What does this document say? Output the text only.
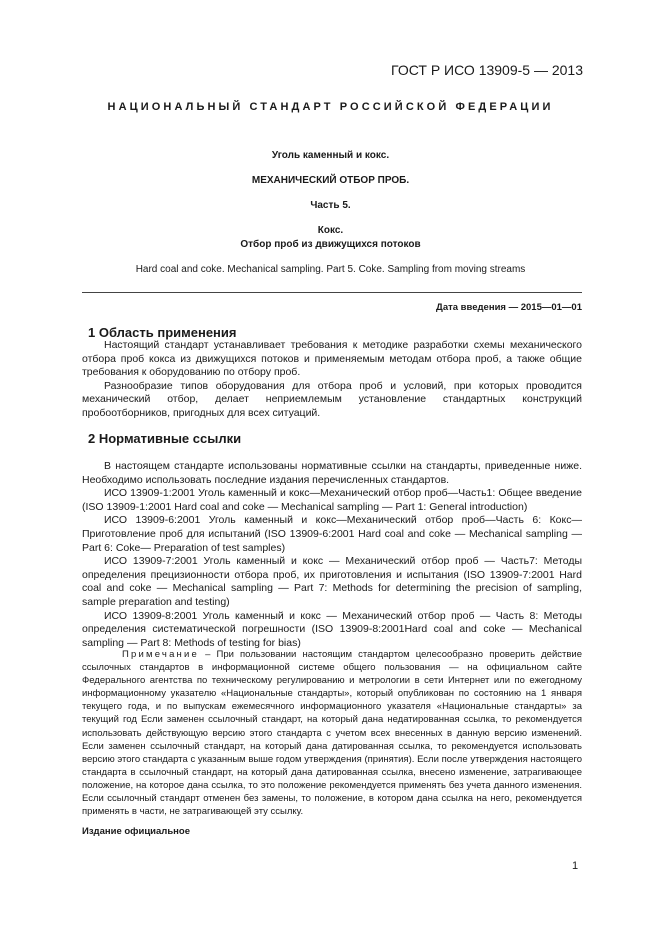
ГОСТ Р ИСО 13909-5 — 2013
НАЦИОНАЛЬНЫЙ СТАНДАРТ РОССИЙСКОЙ ФЕДЕРАЦИИ
Уголь каменный и кокс.
МЕХАНИЧЕСКИЙ ОТБОР ПРОБ.
Часть 5.
Кокс.
Отбор проб из движущихся потоков
Hard coal and coke. Mechanical sampling. Part 5. Coke. Sampling from moving streams
Дата введения — 2015—01—01
1 Область применения

Настоящий стандарт устанавливает требования к методике разработки схемы механического отбора проб кокса из движущихся потоков и применяемым методам отбора проб, а также общие требования к оборудованию по отбору проб.

Разнообразие типов оборудования для отбора проб и условий, при которых проводится механический отбор, делает неприемлемым установление стандартных конструкций пробоотборников, пригодных для всех ситуаций.

2 Нормативные ссылки

В настоящем стандарте использованы нормативные ссылки на стандарты, приведенные ниже. Необходимо использовать последние издания перечисленных стандартов.

ИСО 13909-1:2001 Уголь каменный и кокс—Механический отбор проб—Часть1: Общее введение (ISO 13909-1:2001 Hard coal and coke — Mechanical sampling — Part 1: General introduction)

ИСО 13909-6:2001 Уголь каменный и кокс—Механический отбор проб—Часть 6: Кокс—Приготовление проб для испытаний (ISO 13909-6:2001 Hard coal and coke — Mechanical sampling — Part 6: Coke— Preparation of test samples)

ИСО 13909-7:2001 Уголь каменный и кокс — Механический отбор проб — Часть7: Методы определения прецизионности отбора проб, их приготовления и испытания (ISO 13909-7:2001 Hard coal and coke — Mechanical sampling — Part 7: Methods for determining the precision of sampling, sample preparation and testing)

ИСО 13909-8:2001 Уголь каменный и кокс — Механический отбор проб — Часть 8: Методы определения систематической погрешности (ISO 13909-8:2001Hard coal and coke — Mechanical sampling — Part 8: Methods of testing for bias)

Примечание – При пользовании настоящим стандартом целесообразно проверить действие ссылочных стандартов в информационной системе общего пользования — на официальном сайте Федерального агентства по техническому регулированию и метрологии в сети Интернет или по ежегодному информационному указателю «Национальные стандарты», который опубликован по состоянию на 1 января текущего года, и по выпускам ежемесячного информационного указателя «Национальные стандарты» за текущий год Если заменен ссылочный стандарт, на который дана недатированная ссылка, то рекомендуется использовать действующую версию этого стандарта с учетом всех внесенных в данную версию изменений. Если заменен ссылочный стандарт, на который дана датированная ссылка, то рекомендуется использовать версию этого стандарта с указанным выше годом утверждения (принятия). Если после утверждения настоящего стандарта в ссылочный стандарт, на который дана датированная ссылка, внесено изменение, затрагивающее положение, на которое дана ссылка, то это положение рекомендуется применять без учета данного изменения. Если ссылочный стандарт отменен без замены, то положение, в котором дана ссылка на него, рекомендуется применять в части, не затрагивающей эту ссылку.

Издание официальное
1
